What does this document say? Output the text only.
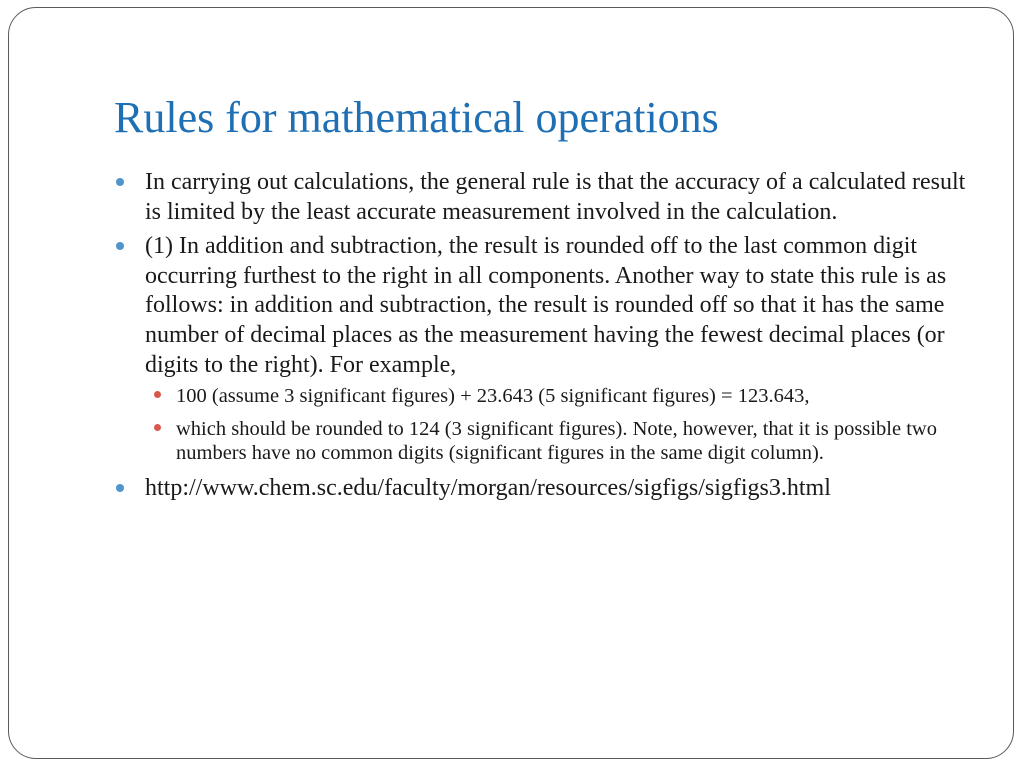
Rules for mathematical operations
In carrying out calculations, the general rule is that the accuracy of a calculated result is limited by the least accurate measurement involved in the calculation.
(1) In addition and subtraction, the result is rounded off to the last common digit occurring furthest to the right in all components. Another way to state this rule is as follows: in addition and subtraction, the result is rounded off so that it has the same number of decimal places as the measurement having the fewest decimal places (or digits to the right). For example,
100 (assume 3 significant figures) + 23.643 (5 significant figures) = 123.643,
which should be rounded to 124 (3 significant figures). Note, however, that it is possible two numbers have no common digits (significant figures in the same digit column).
http://www.chem.sc.edu/faculty/morgan/resources/sigfigs/sigfigs3.html
